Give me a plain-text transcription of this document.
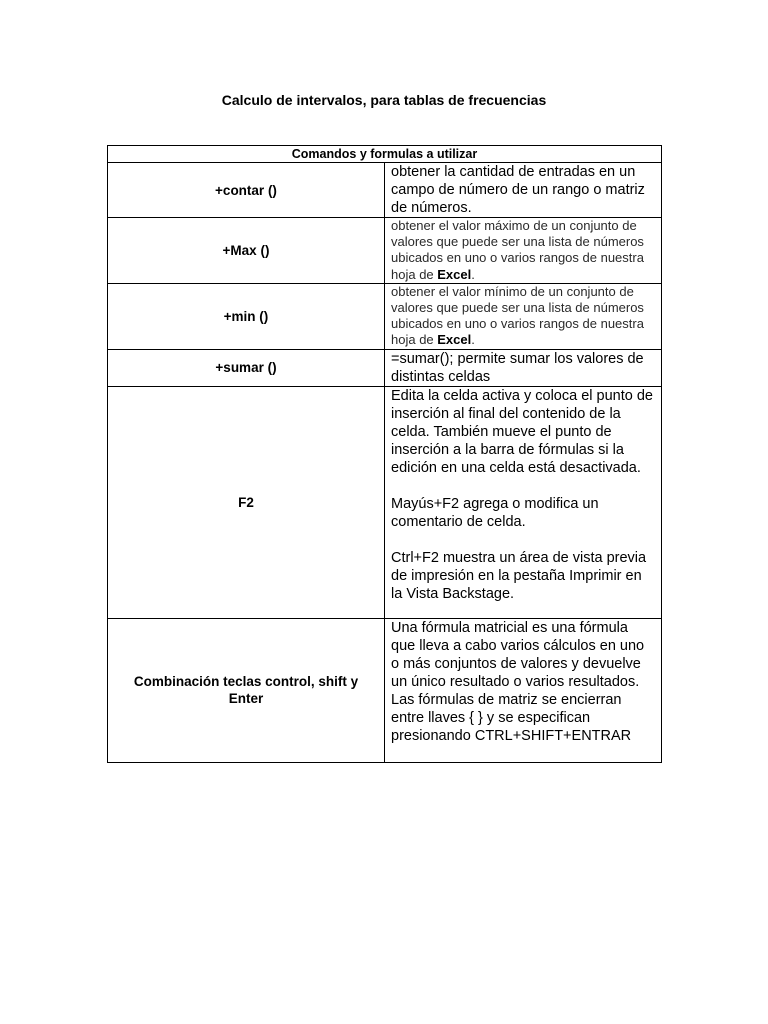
Calculo de intervalos, para tablas de frecuencias
Comandos y formulas a utilizar	
+contar ()	obtener la cantidad de entradas en un campo de número de un rango o matriz de números.
+Max ()	obtener el valor máximo de un conjunto de valores que puede ser una lista de números ubicados en uno o varios rangos de nuestra hoja de Excel.
+min ()	obtener el valor mínimo de un conjunto de valores que puede ser una lista de números ubicados en uno o varios rangos de nuestra hoja de Excel.
+sumar ()	=sumar(); permite sumar los valores de distintas celdas
F2	Edita la celda activa y coloca el punto de inserción al final del contenido de la celda. También mueve el punto de inserción a la barra de fórmulas si la edición en una celda está desactivada.
Mayús+F2 agrega o modifica un comentario de celda.
Ctrl+F2 muestra un área de vista previa de impresión en la pestaña Imprimir en la Vista Backstage.

Combinación teclas control, shift y Enter	Una fórmula matricial es una fórmula que lleva a cabo varios cálculos en uno o más conjuntos de valores y devuelve un único resultado o varios resultados. Las fórmulas de matriz se encierran entre llaves { } y se especifican presionando CTRL+SHIFT+ENTRAR
